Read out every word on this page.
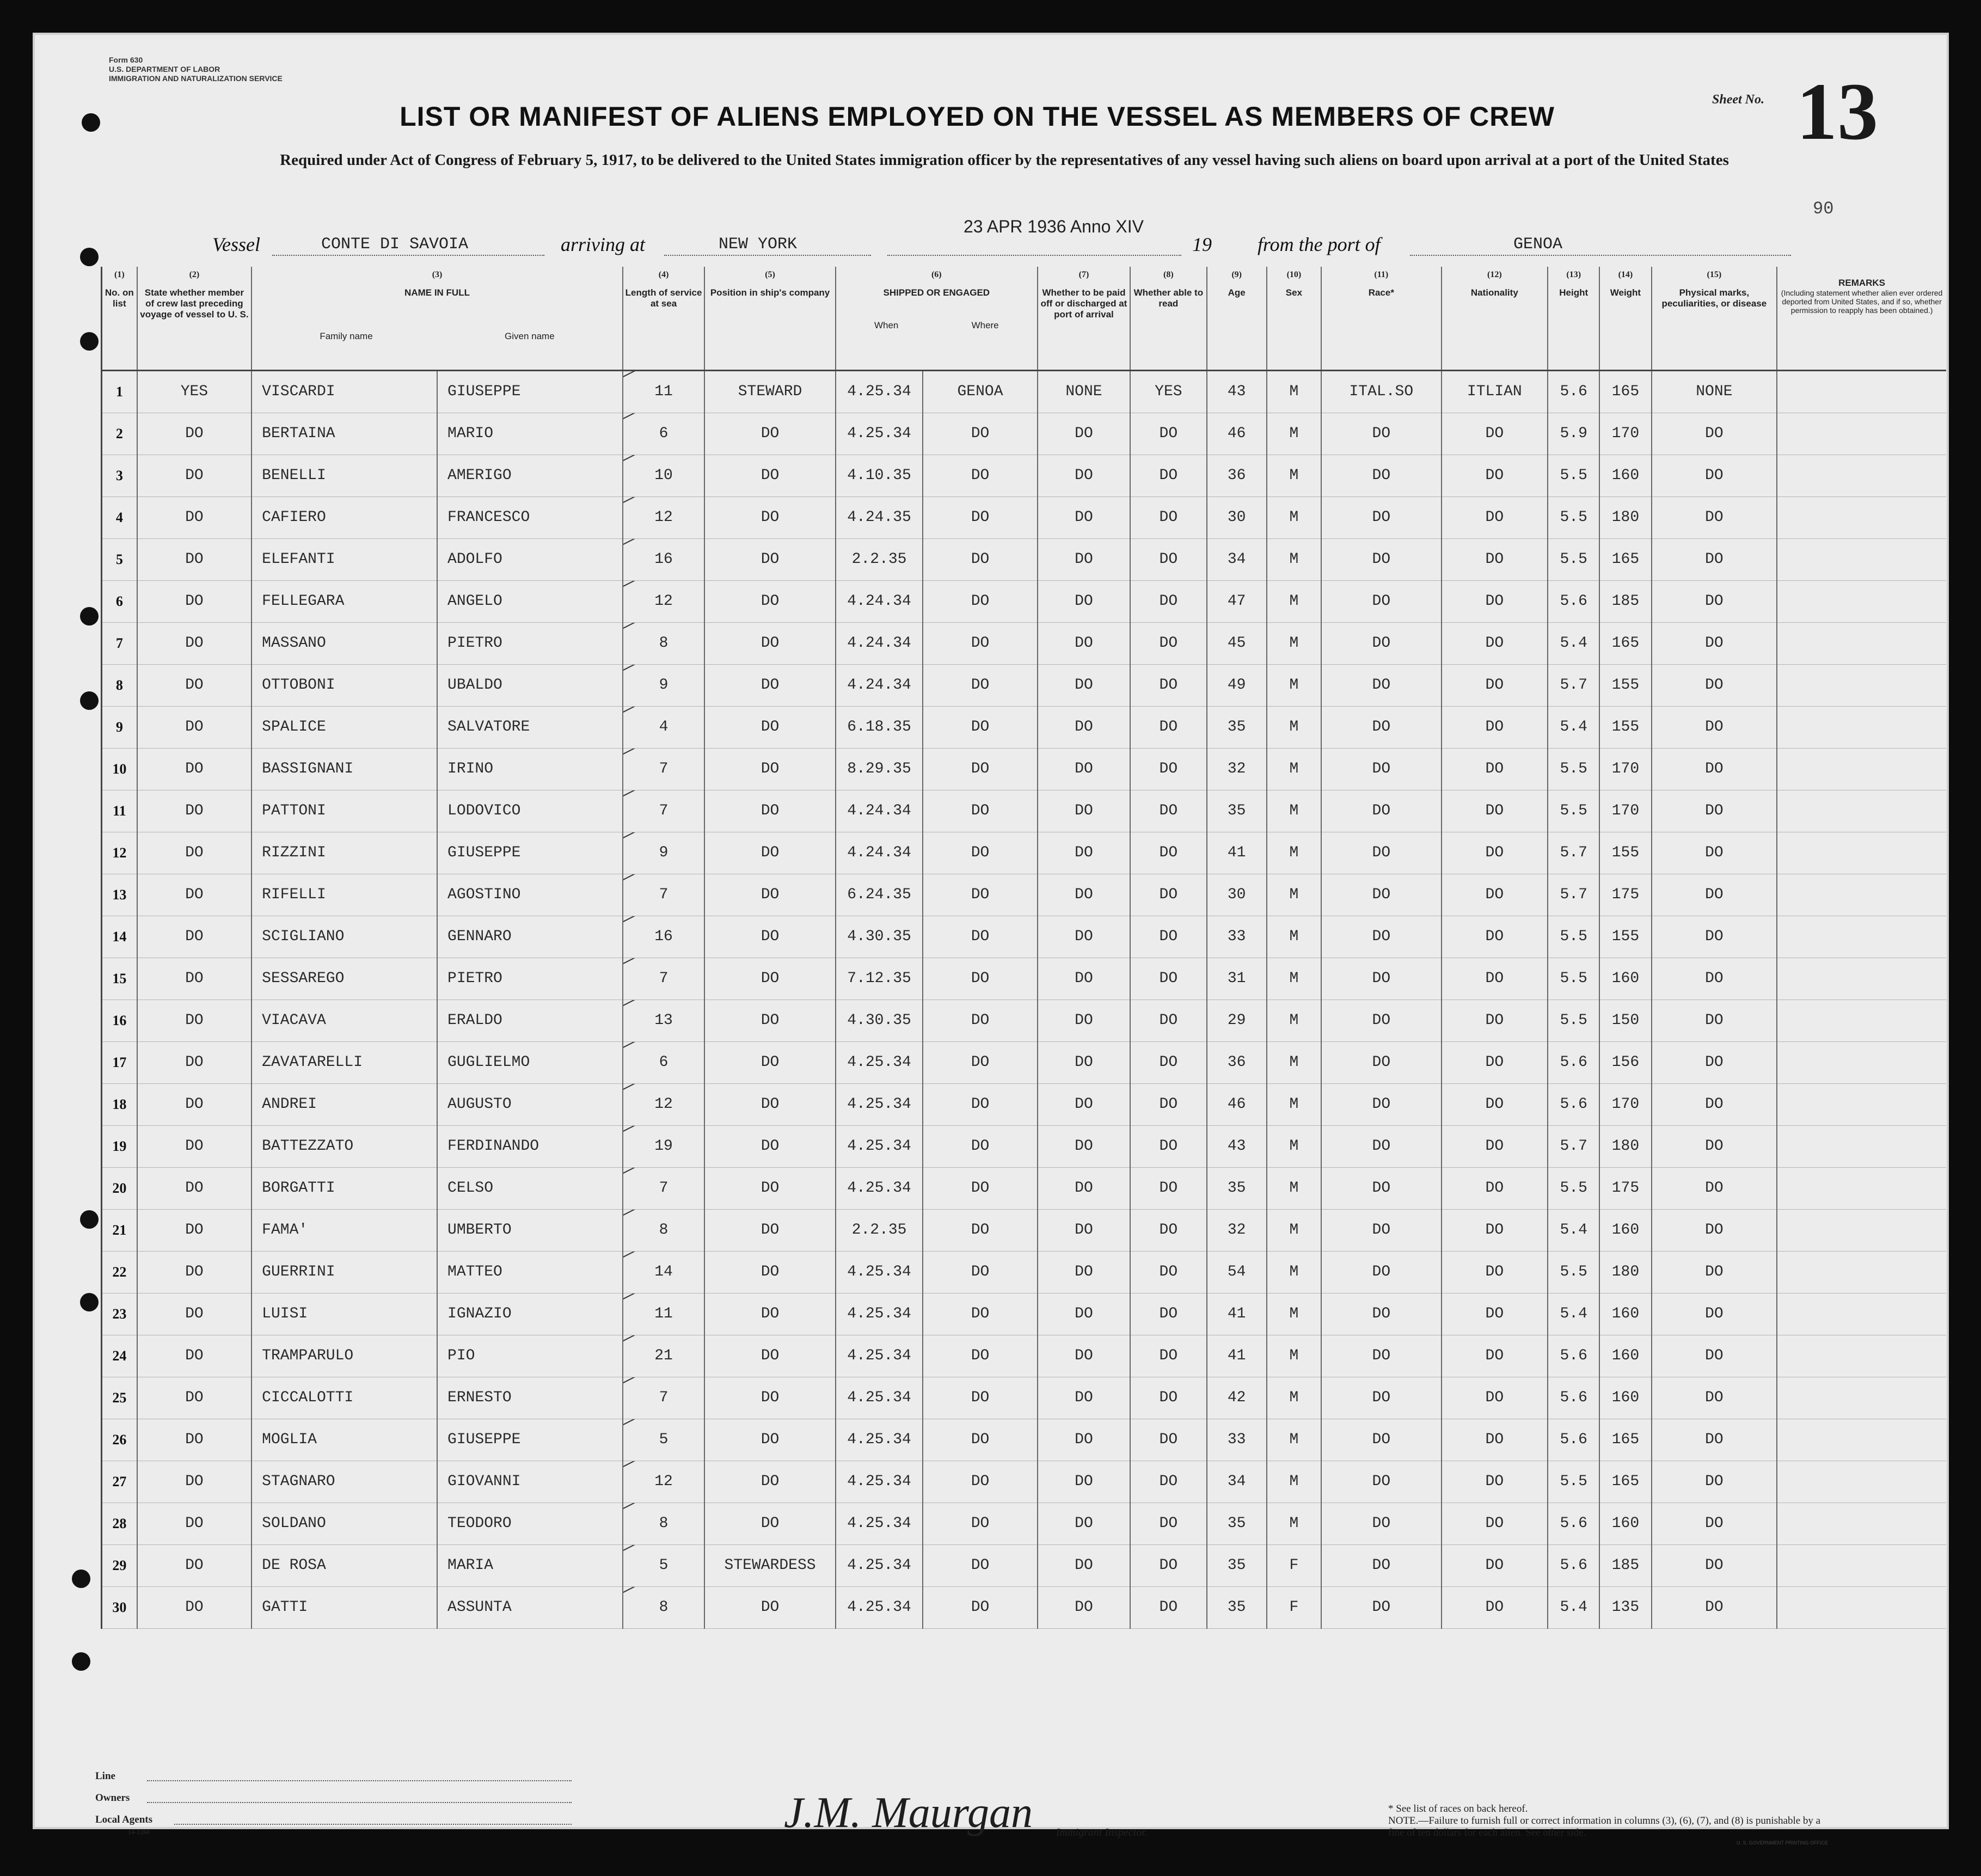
Form 630
U.S. DEPARTMENT OF LABOR
IMMIGRATION AND NATURALIZATION SERVICE
LIST OR MANIFEST OF ALIENS EMPLOYED ON THE VESSEL AS MEMBERS OF CREW
Required under Act of Congress of February 5, 1917, to be delivered to the United States immigration officer by the representatives of any vessel having such aliens on board upon arrival at a port of the United States
Sheet No. 13
90
Vessel	CONTE DI SAVOIA	arriving at	NEW YORK
23 APR 1936 Anno XIV
19 from the port of	GENOA
(1)
No. on list	(2)
State whether member of crew last preceding voyage of vessel to U. S.	(3)
NAME IN FULL
Family name Given name		(4)
Length of service at sea	(5)
Position in ship's company	(6)
SHIPPED OR ENGAGED
When Where		(7)
Whether to be paid off or discharged at port of arrival	(8)
Whether able to read	(9)
Age	(10)
Sex	(11)
Race*	(12)
Nationality	(13)
Height	(14)
Weight	(15)
Physical marks, peculiarities, or disease	REMARKS
(Including statement whether alien ever ordered deported from United States, and if so, whether permission to reapply has been obtained.)

1	YES	VISCARDI	GIUSEPPE	11	STEWARD	4.25.34	GENOA	NONE	YES	43	M	ITAL.SO	ITLIAN	5.6	165	NONE	
2	DO	BERTAINA	MARIO	6	DO	4.25.34	DO	DO	DO	46	M	DO	DO	5.9	170	DO	
3	DO	BENELLI	AMERIGO	10	DO	4.10.35	DO	DO	DO	36	M	DO	DO	5.5	160	DO	
4	DO	CAFIERO	FRANCESCO	12	DO	4.24.35	DO	DO	DO	30	M	DO	DO	5.5	180	DO	
5	DO	ELEFANTI	ADOLFO	16	DO	2.2.35	DO	DO	DO	34	M	DO	DO	5.5	165	DO	
6	DO	FELLEGARA	ANGELO	12	DO	4.24.34	DO	DO	DO	47	M	DO	DO	5.6	185	DO	
7	DO	MASSANO	PIETRO	8	DO	4.24.34	DO	DO	DO	45	M	DO	DO	5.4	165	DO	
8	DO	OTTOBONI	UBALDO	9	DO	4.24.34	DO	DO	DO	49	M	DO	DO	5.7	155	DO	
9	DO	SPALICE	SALVATORE	4	DO	6.18.35	DO	DO	DO	35	M	DO	DO	5.4	155	DO	
10	DO	BASSIGNANI	IRINO	7	DO	8.29.35	DO	DO	DO	32	M	DO	DO	5.5	170	DO	
11	DO	PATTONI	LODOVICO	7	DO	4.24.34	DO	DO	DO	35	M	DO	DO	5.5	170	DO	
12	DO	RIZZINI	GIUSEPPE	9	DO	4.24.34	DO	DO	DO	41	M	DO	DO	5.7	155	DO	
13	DO	RIFELLI	AGOSTINO	7	DO	6.24.35	DO	DO	DO	30	M	DO	DO	5.7	175	DO	
14	DO	SCIGLIANO	GENNARO	16	DO	4.30.35	DO	DO	DO	33	M	DO	DO	5.5	155	DO	
15	DO	SESSAREGO	PIETRO	7	DO	7.12.35	DO	DO	DO	31	M	DO	DO	5.5	160	DO	
16	DO	VIACAVA	ERALDO	13	DO	4.30.35	DO	DO	DO	29	M	DO	DO	5.5	150	DO	
17	DO	ZAVATARELLI	GUGLIELMO	6	DO	4.25.34	DO	DO	DO	36	M	DO	DO	5.6	156	DO	
18	DO	ANDREI	AUGUSTO	12	DO	4.25.34	DO	DO	DO	46	M	DO	DO	5.6	170	DO	
19	DO	BATTEZZATO	FERDINANDO	19	DO	4.25.34	DO	DO	DO	43	M	DO	DO	5.7	180	DO	
20	DO	BORGATTI	CELSO	7	DO	4.25.34	DO	DO	DO	35	M	DO	DO	5.5	175	DO	
21	DO	FAMA'	UMBERTO	8	DO	2.2.35	DO	DO	DO	32	M	DO	DO	5.4	160	DO	
22	DO	GUERRINI	MATTEO	14	DO	4.25.34	DO	DO	DO	54	M	DO	DO	5.5	180	DO	
23	DO	LUISI	IGNAZIO	11	DO	4.25.34	DO	DO	DO	41	M	DO	DO	5.4	160	DO	
24	DO	TRAMPARULO	PIO	21	DO	4.25.34	DO	DO	DO	41	M	DO	DO	5.6	160	DO	
25	DO	CICCALOTTI	ERNESTO	7	DO	4.25.34	DO	DO	DO	42	M	DO	DO	5.6	160	DO	
26	DO	MOGLIA	GIUSEPPE	5	DO	4.25.34	DO	DO	DO	33	M	DO	DO	5.6	165	DO	
27	DO	STAGNARO	GIOVANNI	12	DO	4.25.34	DO	DO	DO	34	M	DO	DO	5.5	165	DO	
28	DO	SOLDANO	TEODORO	8	DO	4.25.34	DO	DO	DO	35	M	DO	DO	5.6	160	DO	
29	DO	DE ROSA	MARIA	5	STEWARDESS	4.25.34	DO	DO	DO	35	F	DO	DO	5.6	185	DO	
30	DO	GATTI	ASSUNTA	8	DO	4.25.34	DO	DO	DO	35	F	DO	DO	5.4	135	DO	
Line
Owners
Local Agents
14-1260	J.M. Maurgan Immigrant Inspector.
* See list of races on back hereof.
NOTE.—Failure to furnish full or correct information in columns (3), (6), (7), and (8) is punishable by a fine of ten dollars for each alien. See other side.
U. S. GOVERNMENT PRINTING OFFICE
